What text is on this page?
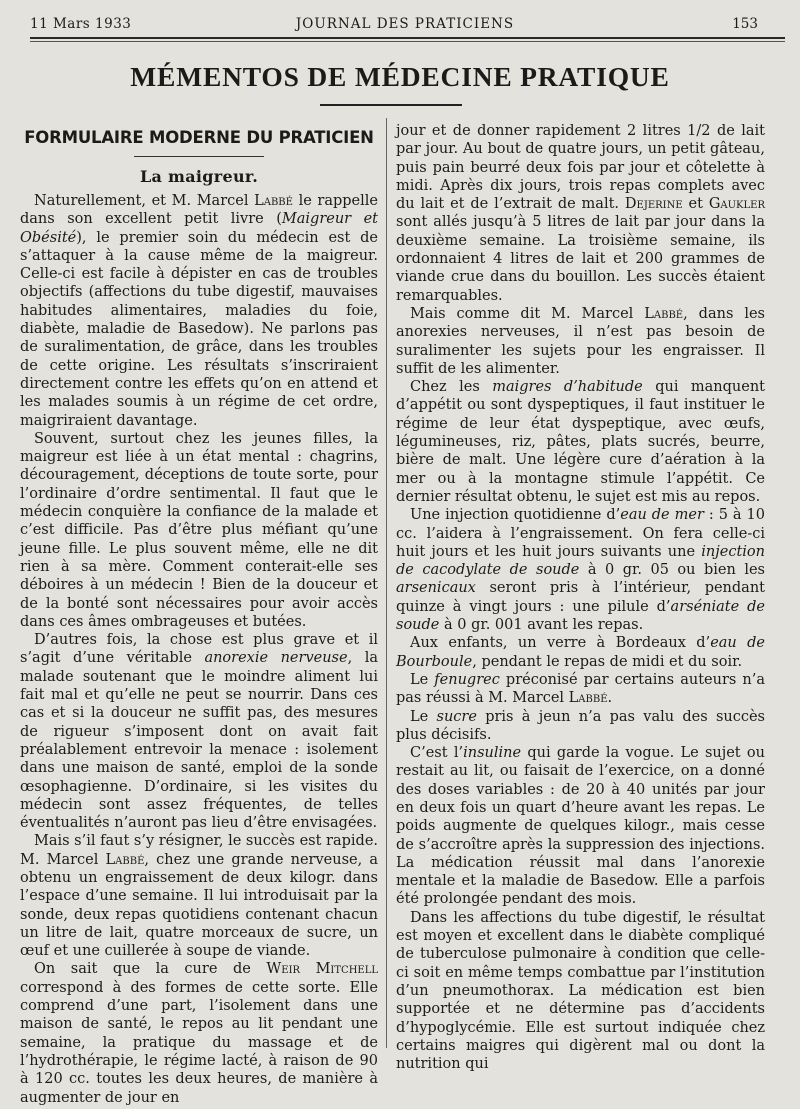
11 Mars 1933	JOURNAL DES PRATICIENS	153
MÉMENTOS DE MÉDECINE PRATIQUE
FORMULAIRE MODERNE DU PRATICIEN
La maigreur.

Naturellement, et M. Marcel Labbé le rappelle dans son excellent petit livre (Maigreur et Obésité), le premier soin du médecin est de s’attaquer à la cause même de la maigreur. Celle-ci est facile à dépister en cas de troubles objectifs (affections du tube digestif, mauvaises habitudes alimentaires, maladies du foie, diabète, maladie de Basedow). Ne parlons pas de suralimentation, de grâce, dans les troubles de cette origine. Les résultats s’inscriraient directement contre les effets qu’on en attend et les malades soumis à un régime de cet ordre, maigriraient davantage.

Souvent, surtout chez les jeunes filles, la maigreur est liée à un état mental : chagrins, découragement, déceptions de toute sorte, pour l’ordinaire d’ordre sentimental. Il faut que le médecin conquière la confiance de la malade et c’est difficile. Pas d’être plus méfiant qu’une jeune fille. Le plus souvent même, elle ne dit rien à sa mère. Comment conterait-elle ses déboires à un médecin ! Bien de la douceur et de la bonté sont nécessaires pour avoir accès dans ces âmes ombrageuses et butées.

D’autres fois, la chose est plus grave et il s’agit d’une véritable anorexie nerveuse, la malade soutenant que le moindre aliment lui fait mal et qu’elle ne peut se nourrir. Dans ces cas et si la douceur ne suffit pas, des mesures de rigueur s’imposent dont on avait fait préalablement entrevoir la menace : isolement dans une maison de santé, emploi de la sonde œsophagienne. D’ordinaire, si les visites du médecin sont assez fréquentes, de telles éventualités n’auront pas lieu d’être envisagées.

Mais s’il faut s’y résigner, le succès est rapide. M. Marcel Labbé, chez une grande nerveuse, a obtenu un engraissement de deux kilogr. dans l’espace d’une semaine. Il lui introduisait par la sonde, deux repas quotidiens contenant chacun un litre de lait, quatre morceaux de sucre, un œuf et une cuillerée à soupe de viande.

On sait que la cure de Weir Mitchell correspond à des formes de cette sorte. Elle comprend d’une part, l’isolement dans une maison de santé, le repos au lit pendant une semaine, la pratique du massage et de l’hydrothérapie, le régime lacté, à raison de 90 à 120 cc. toutes les deux heures, de manière à augmenter de jour en

jour et de donner rapidement 2 litres 1/2 de lait par jour. Au bout de quatre jours, un petit gâteau, puis pain beurré deux fois par jour et côtelette à midi. Après dix jours, trois repas complets avec du lait et de l’extrait de malt. Dejerine et Gaukler sont allés jusqu’à 5 litres de lait par jour dans la deuxième semaine. La troisième semaine, ils ordonnaient 4 litres de lait et 200 grammes de viande crue dans du bouillon. Les succès étaient remarquables.

Mais comme dit M. Marcel Labbé, dans les anorexies nerveuses, il n’est pas besoin de suralimenter les sujets pour les engraisser. Il suffit de les alimenter.

Chez les maigres d’habitude qui manquent d’appétit ou sont dyspeptiques, il faut instituer le régime de leur état dyspeptique, avec œufs, légumineuses, riz, pâtes, plats sucrés, beurre, bière de malt. Une légère cure d’aération à la mer ou à la montagne stimule l’appétit. Ce dernier résultat obtenu, le sujet est mis au repos.

Une injection quotidienne d’eau de mer : 5 à 10 cc. l’aidera à l’engraissement. On fera celle-ci huit jours et les huit jours suivants une injection de cacodylate de soude à 0 gr. 05 ou bien les arsenicaux seront pris à l’intérieur, pendant quinze à vingt jours : une pilule d’arséniate de soude à 0 gr. 001 avant les repas.

Aux enfants, un verre à Bordeaux d’eau de Bourboule, pendant le repas de midi et du soir.

Le fenugrec préconisé par certains auteurs n’a pas réussi à M. Marcel Labbé.

Le sucre pris à jeun n’a pas valu des succès plus décisifs.

C’est l’insuline qui garde la vogue. Le sujet ou restait au lit, ou faisait de l’exercice, on a donné des doses variables : de 20 à 40 unités par jour en deux fois un quart d’heure avant les repas. Le poids augmente de quelques kilogr., mais cesse de s’accroître après la suppression des injections. La médication réussit mal dans l’anorexie mentale et la maladie de Basedow. Elle a parfois été prolongée pendant des mois.

Dans les affections du tube digestif, le résultat est moyen et excellent dans le diabète compliqué de tuberculose pulmonaire à condition que celle-ci soit en même temps combattue par l’institution d’un pneumothorax. La médication est bien supportée et ne détermine pas d’accidents d’hypoglycémie. Elle est surtout indiquée chez certains maigres qui digèrent mal ou dont la nutrition qui
